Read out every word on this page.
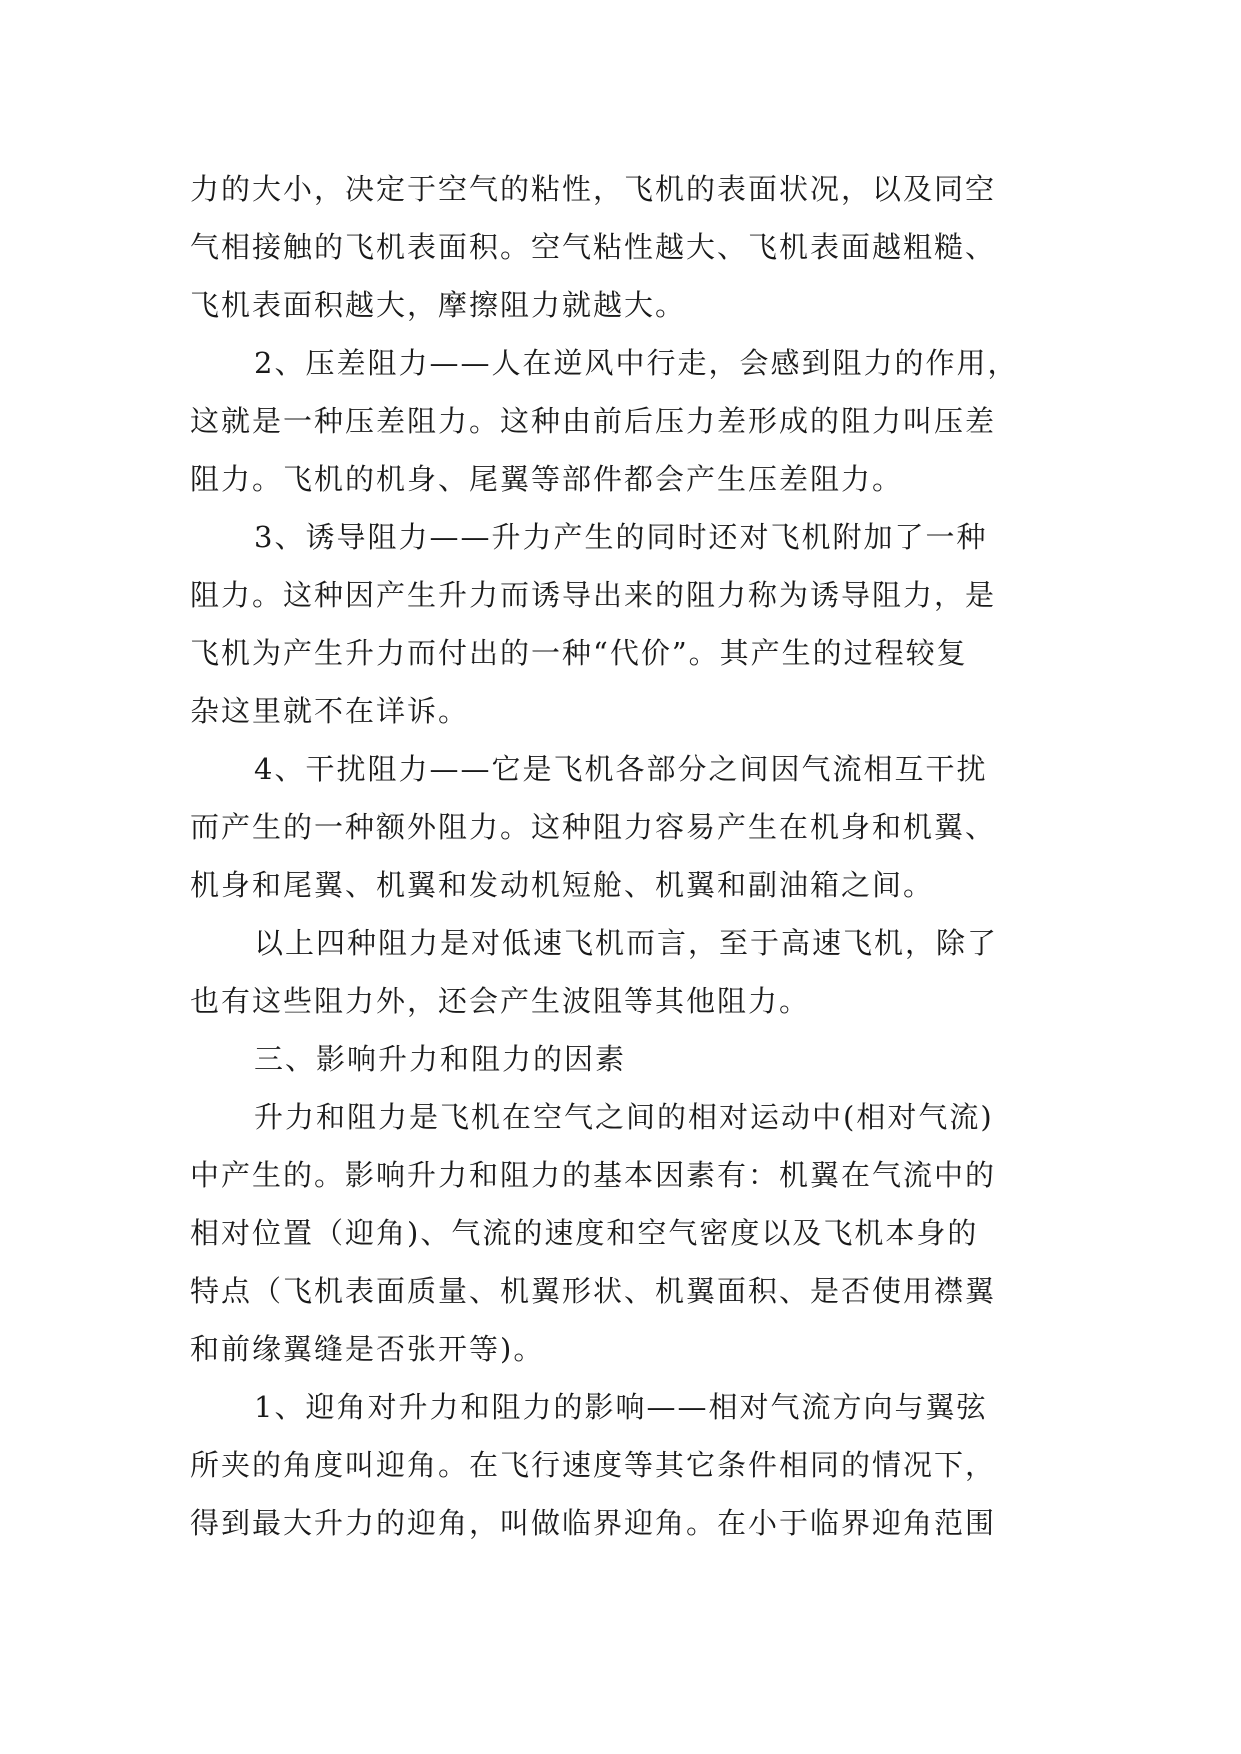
力的大小，决定于空气的粘性，飞机的表面状况，以及同空
气相接触的飞机表面积。空气粘性越大、飞机表面越粗糙、
飞机表面积越大，摩擦阻力就越大。
2、压差阻力——人在逆风中行走，会感到阻力的作用，
这就是一种压差阻力。这种由前后压力差形成的阻力叫压差
阻力。飞机的机身、尾翼等部件都会产生压差阻力。
3、诱导阻力——升力产生的同时还对飞机附加了一种
阻力。这种因产生升力而诱导出来的阻力称为诱导阻力，是
飞机为产生升力而付出的一种“代价”。其产生的过程较复
杂这里就不在详诉。
4、干扰阻力——它是飞机各部分之间因气流相互干扰
而产生的一种额外阻力。这种阻力容易产生在机身和机翼、
机身和尾翼、机翼和发动机短舱、机翼和副油箱之间。
以上四种阻力是对低速飞机而言，至于高速飞机，除了
也有这些阻力外，还会产生波阻等其他阻力。
三、影响升力和阻力的因素
升力和阻力是飞机在空气之间的相对运动中(相对气流)
中产生的。影响升力和阻力的基本因素有：机翼在气流中的
相对位置（迎角)、气流的速度和空气密度以及飞机本身的
特点（飞机表面质量、机翼形状、机翼面积、是否使用襟翼
和前缘翼缝是否张开等)。
1、迎角对升力和阻力的影响——相对气流方向与翼弦
所夹的角度叫迎角。在飞行速度等其它条件相同的情况下，
得到最大升力的迎角，叫做临界迎角。在小于临界迎角范围
